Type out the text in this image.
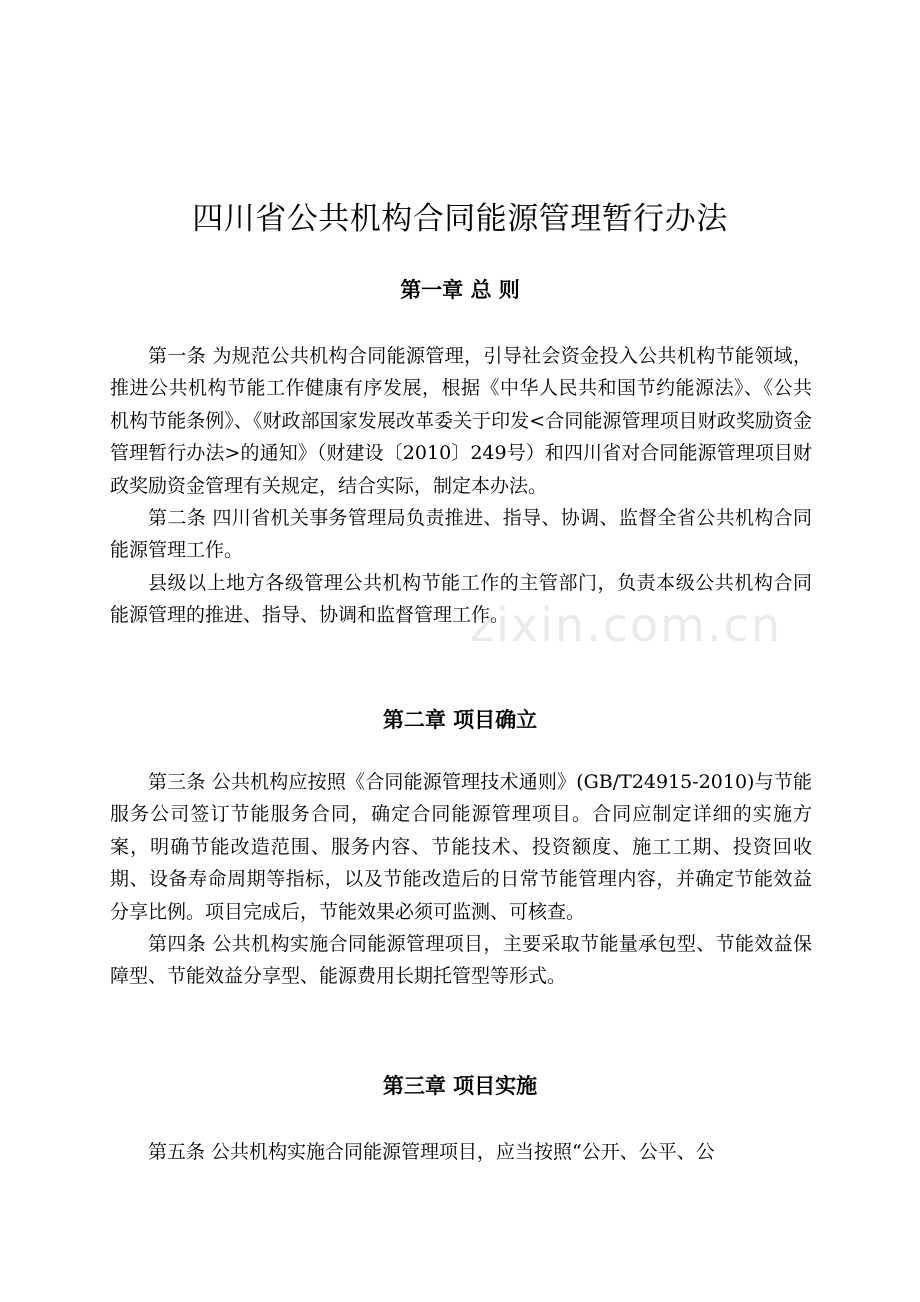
zixin.com.cn
四川省公共机构合同能源管理暂行办法
第一章 总 则

第一条 为规范公共机构合同能源管理，引导社会资金投入公共机构节能领域，推进公共机构节能工作健康有序发展，根据《中华人民共和国节约能源法》、《公共机构节能条例》、《财政部国家发展改革委关于印发<合同能源管理项目财政奖励资金管理暂行办法>的通知》（财建设〔2010〕249号）和四川省对合同能源管理项目财政奖励资金管理有关规定，结合实际，制定本办法。

第二条 四川省机关事务管理局负责推进、指导、协调、监督全省公共机构合同能源管理工作。

县级以上地方各级管理公共机构节能工作的主管部门，负责本级公共机构合同能源管理的推进、指导、协调和监督管理工作。

第二章 项目确立

第三条 公共机构应按照《合同能源管理技术通则》(GB/T24915-2010)与节能服务公司签订节能服务合同，确定合同能源管理项目。合同应制定详细的实施方案，明确节能改造范围、服务内容、节能技术、投资额度、施工工期、投资回收期、设备寿命周期等指标，以及节能改造后的日常节能管理内容，并确定节能效益分享比例。项目完成后，节能效果必须可监测、可核查。

第四条 公共机构实施合同能源管理项目，主要采取节能量承包型、节能效益保障型、节能效益分享型、能源费用长期托管型等形式。

第三章 项目实施

第五条 公共机构实施合同能源管理项目，应当按照“公开、公平、公
